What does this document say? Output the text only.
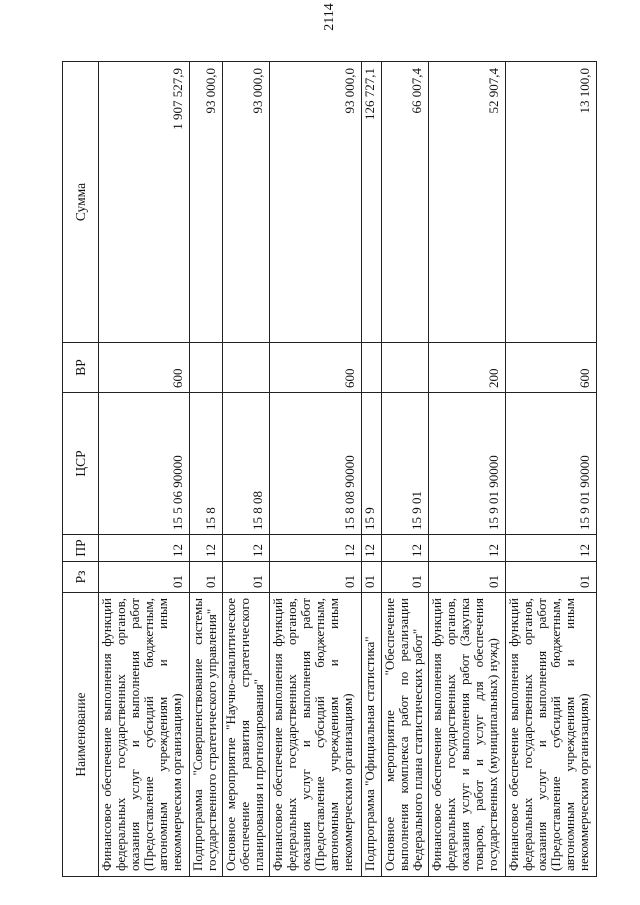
2114
Наименование	Рз	ПР	ЦСР	ВР	Сумма
Финансовое обеспечение выполнения функций федеральных государственных органов, оказания услуг и выполнения работ (Предоставление субсидий бюджетным, автономным учреждениям и иным некоммерческим организациям)	01	12	15 5 06 90000	600	1 907 527,9
Подпрограмма "Совершенствование системы государственного стратегического управления"	01	12	15 8		93 000,0
Основное мероприятие "Научно-аналитическое обеспечение развития стратегического планирования и прогнозирования"	01	12	15 8 08		93 000,0
Финансовое обеспечение выполнения функций федеральных государственных органов, оказания услуг и выполнения работ (Предоставление субсидий бюджетным, автономным учреждениям и иным некоммерческим организациям)	01	12	15 8 08 90000	600	93 000,0
Подпрограмма "Официальная статистика"	01	12	15 9		126 727,1
Основное мероприятие "Обеспечение выполнения комплекса работ по реализации Федерального плана статистических работ"	01	12	15 9 01		66 007,4
Финансовое обеспечение выполнения функций федеральных государственных органов, оказания услуг и выполнения работ (Закупка товаров, работ и услуг для обеспечения государственных (муниципальных) нужд)	01	12	15 9 01 90000	200	52 907,4
Финансовое обеспечение выполнения функций федеральных государственных органов, оказания услуг и выполнения работ (Предоставление субсидий бюджетным, автономным учреждениям и иным некоммерческим организациям)	01	12	15 9 01 90000	600	13 100,0
